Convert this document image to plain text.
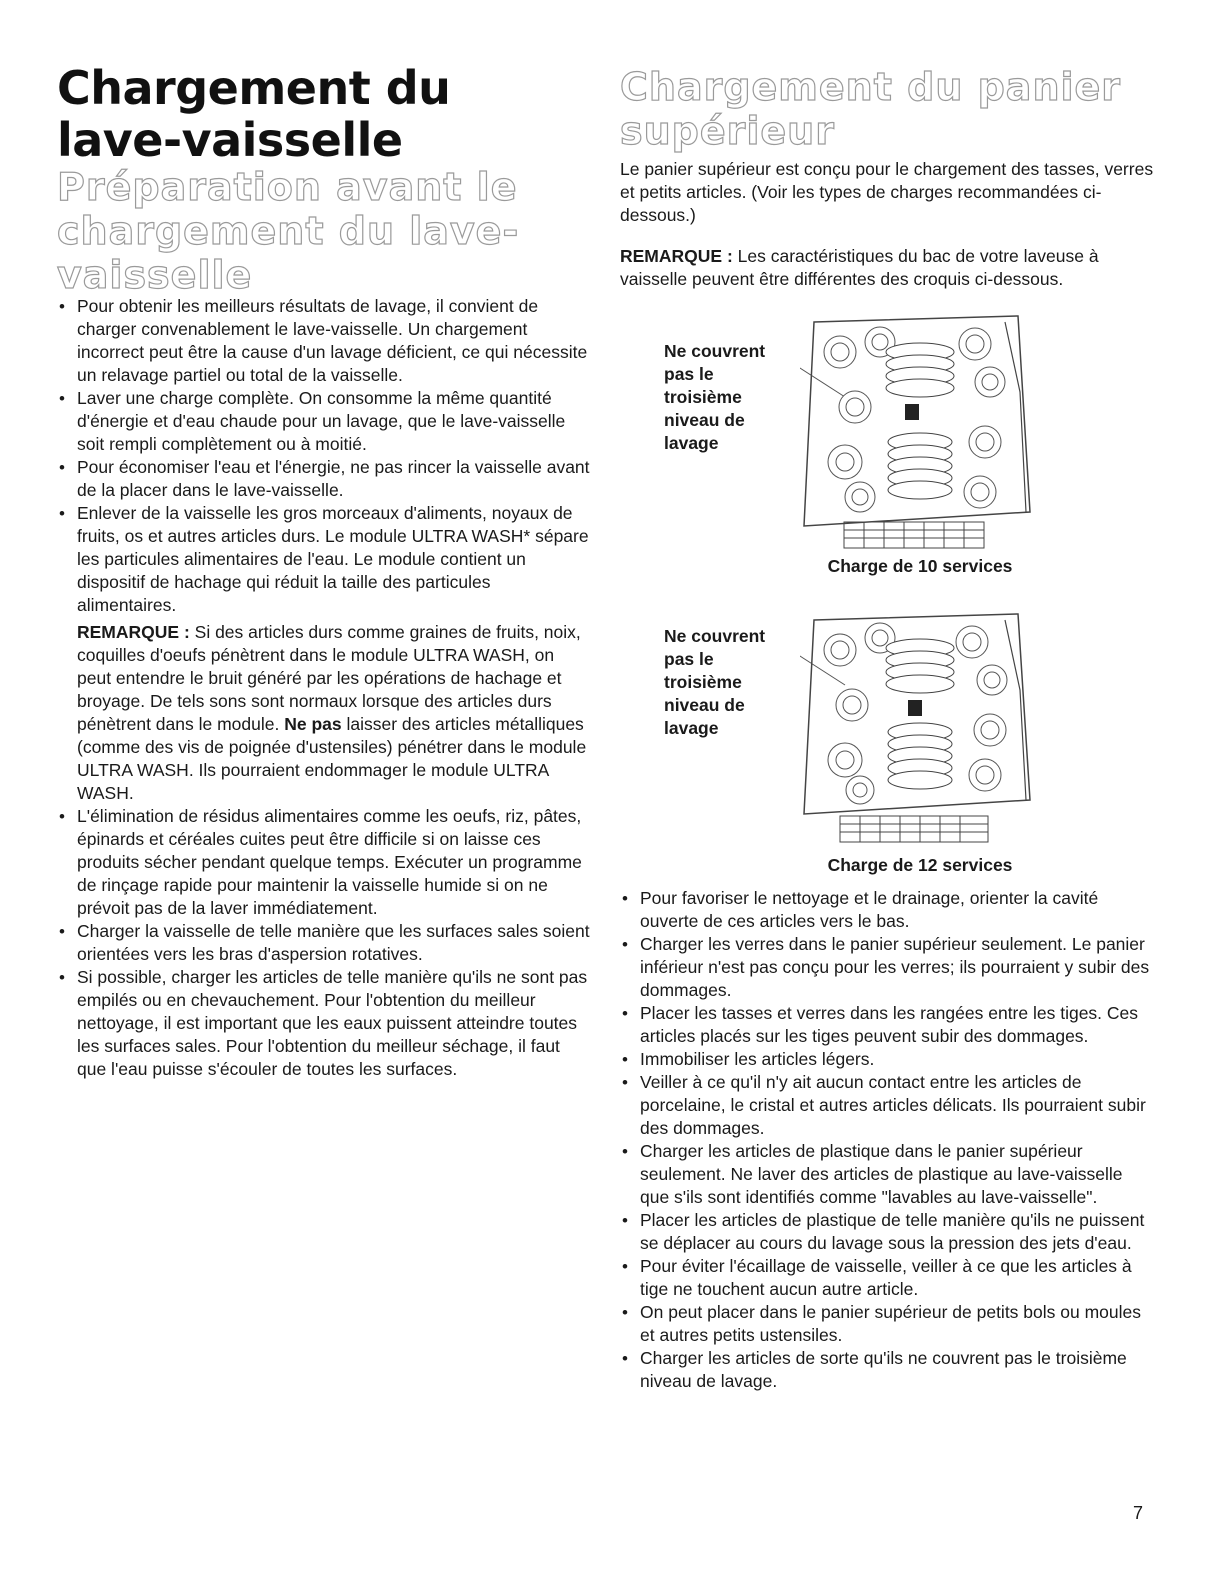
Chargement du
lave-vaisselle
Préparation avant le
chargement du lave-
vaisselle
• Pour obtenir les meilleurs résultats de lavage, il convient de charger convenablement le lave-vaisselle. Un chargement incorrect peut être la cause d'un lavage déficient, ce qui nécessite un relavage partiel ou total de la vaisselle.
• Laver une charge complète. On consomme la même quantité d'énergie et d'eau chaude pour un lavage, que le lave-vaisselle soit rempli complètement ou à moitié.
• Pour économiser l'eau et l'énergie, ne pas rincer la vaisselle avant de la placer dans le lave-vaisselle.
• Enlever de la vaisselle les gros morceaux d'aliments, noyaux de fruits, os et autres articles durs. Le module ULTRA WASH* sépare les particules alimentaires de l'eau. Le module contient un dispositif de hachage qui réduit la taille des particules alimentaires.
REMARQUE : Si des articles durs comme graines de fruits, noix, coquilles d'oeufs pénètrent dans le module ULTRA WASH, on peut entendre le bruit généré par les opérations de hachage et broyage. De tels sons sont normaux lorsque des articles durs pénètrent dans le module. Ne pas laisser des articles métalliques (comme des vis de poignée d'ustensiles) pénétrer dans le module ULTRA WASH. Ils pourraient endommager le module ULTRA WASH.
• L'élimination de résidus alimentaires comme les oeufs, riz, pâtes, épinards et céréales cuites peut être difficile si on laisse ces produits sécher pendant quelque temps. Exécuter un programme de rinçage rapide pour maintenir la vaisselle humide si on ne prévoit pas de la laver immédiatement.
• Charger la vaisselle de telle manière que les surfaces sales soient orientées vers les bras d'aspersion rotatives.
• Si possible, charger les articles de telle manière qu'ils ne sont pas empilés ou en chevauchement. Pour l'obtention du meilleur nettoyage, il est important que les eaux puissent atteindre toutes les surfaces sales. Pour l'obtention du meilleur séchage, il faut que l'eau puisse s'écouler de toutes les surfaces.
Chargement du panier
supérieur

Le panier supérieur est conçu pour le chargement des tasses, verres et petits articles. (Voir les types de charges recommandées ci-dessous.)

REMARQUE : Les caractéristiques du bac de votre laveuse à vaisselle peuvent être différentes des croquis ci-dessous.

Ne couvrent
pas le
troisième
niveau de
lavage
Charge de 10 services
Ne couvrent
pas le
troisième
niveau de
lavage
Charge de 12 services
• Pour favoriser le nettoyage et le drainage, orienter la cavité ouverte de ces articles vers le bas.
• Charger les verres dans le panier supérieur seulement. Le panier inférieur n'est pas conçu pour les verres; ils pourraient y subir des dommages.
• Placer les tasses et verres dans les rangées entre les tiges. Ces articles placés sur les tiges peuvent subir des dommages.
• Immobiliser les articles légers.
• Veiller à ce qu'il n'y ait aucun contact entre les articles de porcelaine, le cristal et autres articles délicats. Ils pourraient subir des dommages.
• Charger les articles de plastique dans le panier supérieur seulement. Ne laver des articles de plastique au lave-vaisselle que s'ils sont identifiés comme "lavables au lave-vaisselle".
• Placer les articles de plastique de telle manière qu'ils ne puissent se déplacer au cours du lavage sous la pression des jets d'eau.
• Pour éviter l'écaillage de vaisselle, veiller à ce que les articles à tige ne touchent aucun autre article.
• On peut placer dans le panier supérieur de petits bols ou moules et autres petits ustensiles.
• Charger les articles de sorte qu'ils ne couvrent pas le troisième niveau de lavage.
7
